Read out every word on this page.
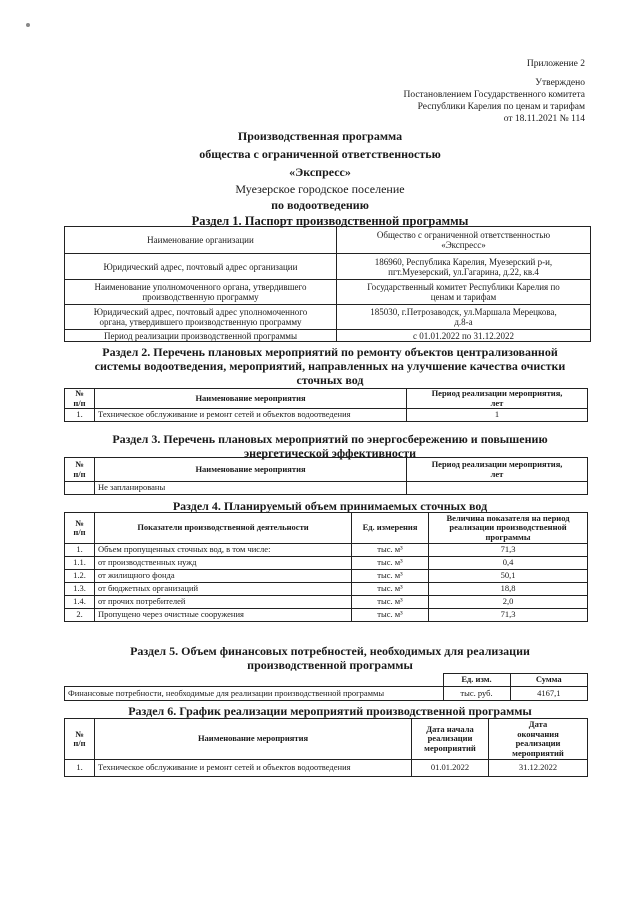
Приложение 2
Утверждено
Постановлением Государственного комитета
Республики Карелия по ценам и тарифам
от 18.11.2021 № 114
Производственная программа
общества с ограниченной ответственностью
«Экспресс»
Муезерское городское поселение
по водоотведению
Раздел 1. Паспорт производственной программы
Наименование организации	Общество с ограниченной ответственностью
«Экспресс»
Юридический адрес, почтовый адрес организации	186960, Республика Карелия, Муезерский р-и,
пгт.Муезерский, ул.Гагарина, д.22, кв.4
Наименование уполномоченного органа, утвердившего
производственную программу	Государственный комитет Республики Карелия по
ценам и тарифам
Юридический адрес, почтовый адрес уполномоченного
органа, утвердившего производственную программу	185030, г.Петрозаводск, ул.Маршала Мерецкова,
д.8-а
Период реализации производственной программы	с 01.01.2022 по 31.12.2022
Раздел 2. Перечень плановых мероприятий по ремонту объектов централизованной
системы водоотведения, мероприятий, направленных на улучшение качества очистки
сточных вод
№
п/п	Наименование мероприятия	Период реализации мероприятия,
лет
1.	Техническое обслуживание и ремонт сетей и объектов водоотведения	1
Раздел 3. Перечень плановых мероприятий по энергосбережению и повышению
энергетической эффективности
№
п/п	Наименование мероприятия	Период реализации мероприятия,
лет
	Не запланированы	
Раздел 4. Планируемый объем принимаемых сточных вод
№
п/п	Показатели производственной деятельности	Ед. измерения	Величина показателя на период
реализации производственной
программы
1.	Объем пропущенных сточных вод, в том числе:	тыс. м³	71,3
1.1.	от производственных нужд	тыс. м³	0,4
1.2.	от жилищного фонда	тыс. м³	50,1
1.3.	от бюджетных организаций	тыс. м³	18,8
1.4.	от прочих потребителей	тыс. м³	2,0
2.	Пропущено через очистные сооружения	тыс. м³	71,3
Раздел 5. Объем финансовых потребностей, необходимых для реализации
производственной программы
	Ед. изм.	Сумма
Финансовые потребности, необходимые для реализации производственной программы	тыс. руб.	4167,1
Раздел 6. График реализации мероприятий производственной программы
№
п/п	Наименование мероприятия	Дата начала
реализации
мероприятий	Дата
окончания
реализации
мероприятий
1.	Техническое обслуживание и ремонт сетей и объектов водоотведения	01.01.2022	31.12.2022
